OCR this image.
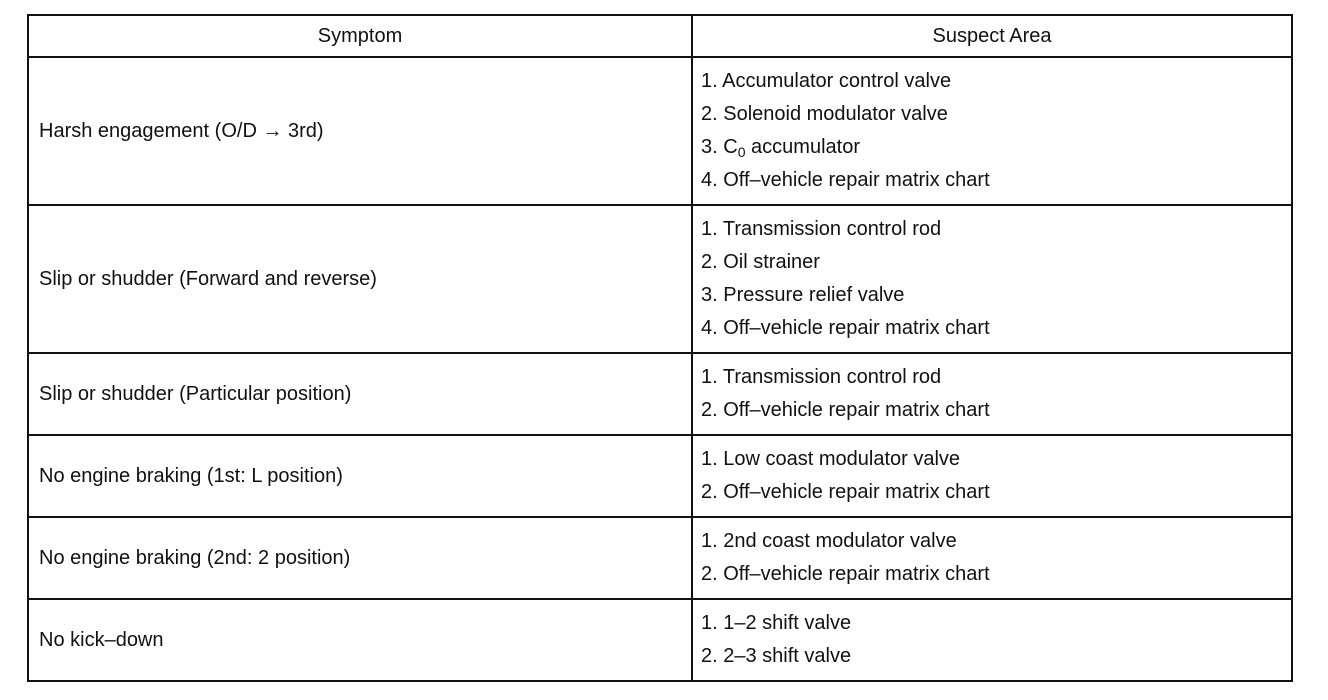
Symptom	Suspect Area
Harsh engagement (O/D → 3rd)	1. Accumulator control valve
2. Solenoid modulator valve
3. $C_0$ accumulator
4. Off–vehicle repair matrix chart

Slip or shudder (Forward and reverse)	1. Transmission control rod
2. Oil strainer
3. Pressure relief valve
4. Off–vehicle repair matrix chart

Slip or shudder (Particular position)	1. Transmission control rod
2. Off–vehicle repair matrix chart

No engine braking (1st: L position)	1. Low coast modulator valve
2. Off–vehicle repair matrix chart

No engine braking (2nd: 2 position)	1. 2nd coast modulator valve
2. Off–vehicle repair matrix chart

No kick–down	1. 1–2 shift valve
2. 2–3 shift valve
